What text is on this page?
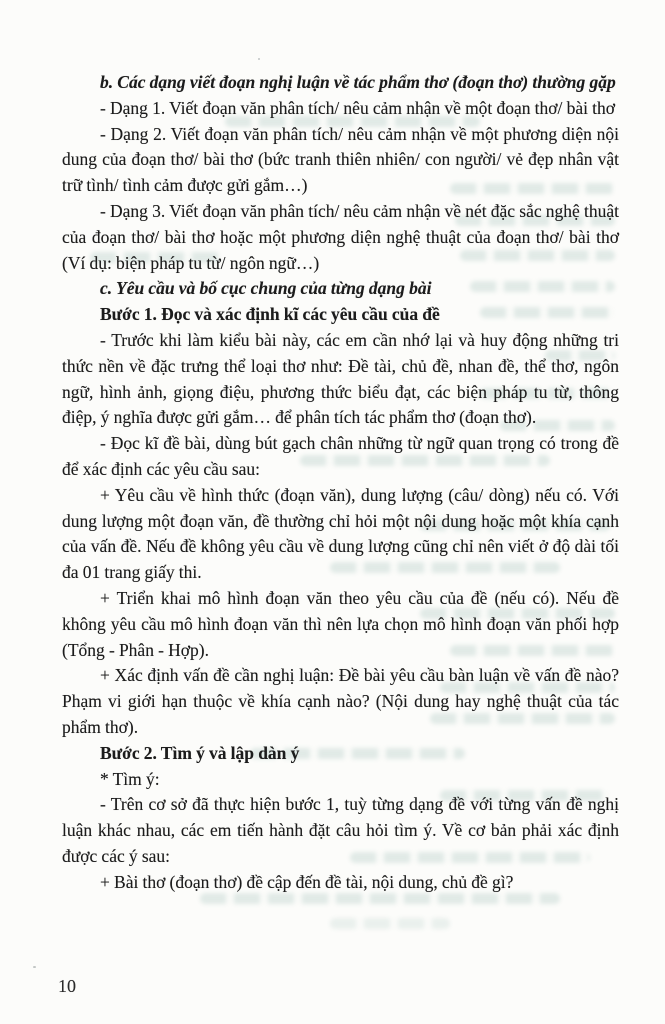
b. Các dạng viết đoạn nghị luận về tác phẩm thơ (đoạn thơ) thường gặp
- Dạng 1. Viết đoạn văn phân tích/ nêu cảm nhận về một đoạn thơ/ bài thơ
- Dạng 2. Viết đoạn văn phân tích/ nêu cảm nhận về một phương diện nội
dung của đoạn thơ/ bài thơ (bức tranh thiên nhiên/ con người/ vẻ đẹp nhân vật
trữ tình/ tình cảm được gửi gắm…)
- Dạng 3. Viết đoạn văn phân tích/ nêu cảm nhận về nét đặc sắc nghệ thuật
của đoạn thơ/ bài thơ hoặc một phương diện nghệ thuật của đoạn thơ/ bài thơ
(Ví dụ: biện pháp tu từ/ ngôn ngữ…)
c. Yêu cầu và bố cục chung của từng dạng bài
Bước 1. Đọc và xác định kĩ các yêu cầu của đề
- Trước khi làm kiểu bài này, các em cần nhớ lại và huy động những tri
thức nền về đặc trưng thể loại thơ như: Đề tài, chủ đề, nhan đề, thể thơ, ngôn
ngữ, hình ảnh, giọng điệu, phương thức biểu đạt, các biện pháp tu từ, thông
điệp, ý nghĩa được gửi gắm… để phân tích tác phẩm thơ (đoạn thơ).
- Đọc kĩ đề bài, dùng bút gạch chân những từ ngữ quan trọng có trong đề
để xác định các yêu cầu sau:
+ Yêu cầu về hình thức (đoạn văn), dung lượng (câu/ dòng) nếu có. Với
dung lượng một đoạn văn, đề thường chỉ hỏi một nội dung hoặc một khía cạnh
của vấn đề. Nếu đề không yêu cầu về dung lượng cũng chỉ nên viết ở độ dài tối
đa 01 trang giấy thi.
+ Triển khai mô hình đoạn văn theo yêu cầu của đề (nếu có). Nếu đề
không yêu cầu mô hình đoạn văn thì nên lựa chọn mô hình đoạn văn phối hợp
(Tổng - Phân - Hợp).
+ Xác định vấn đề cần nghị luận: Đề bài yêu cầu bàn luận về vấn đề nào?
Phạm vi giới hạn thuộc về khía cạnh nào? (Nội dung hay nghệ thuật của tác
phẩm thơ).
Bước 2. Tìm ý và lập dàn ý
* Tìm ý:
- Trên cơ sở đã thực hiện bước 1, tuỳ từng dạng đề với từng vấn đề nghị
luận khác nhau, các em tiến hành đặt câu hỏi tìm ý. Về cơ bản phải xác định
được các ý sau:
+ Bài thơ (đoạn thơ) đề cập đến đề tài, nội dung, chủ đề gì?
10
